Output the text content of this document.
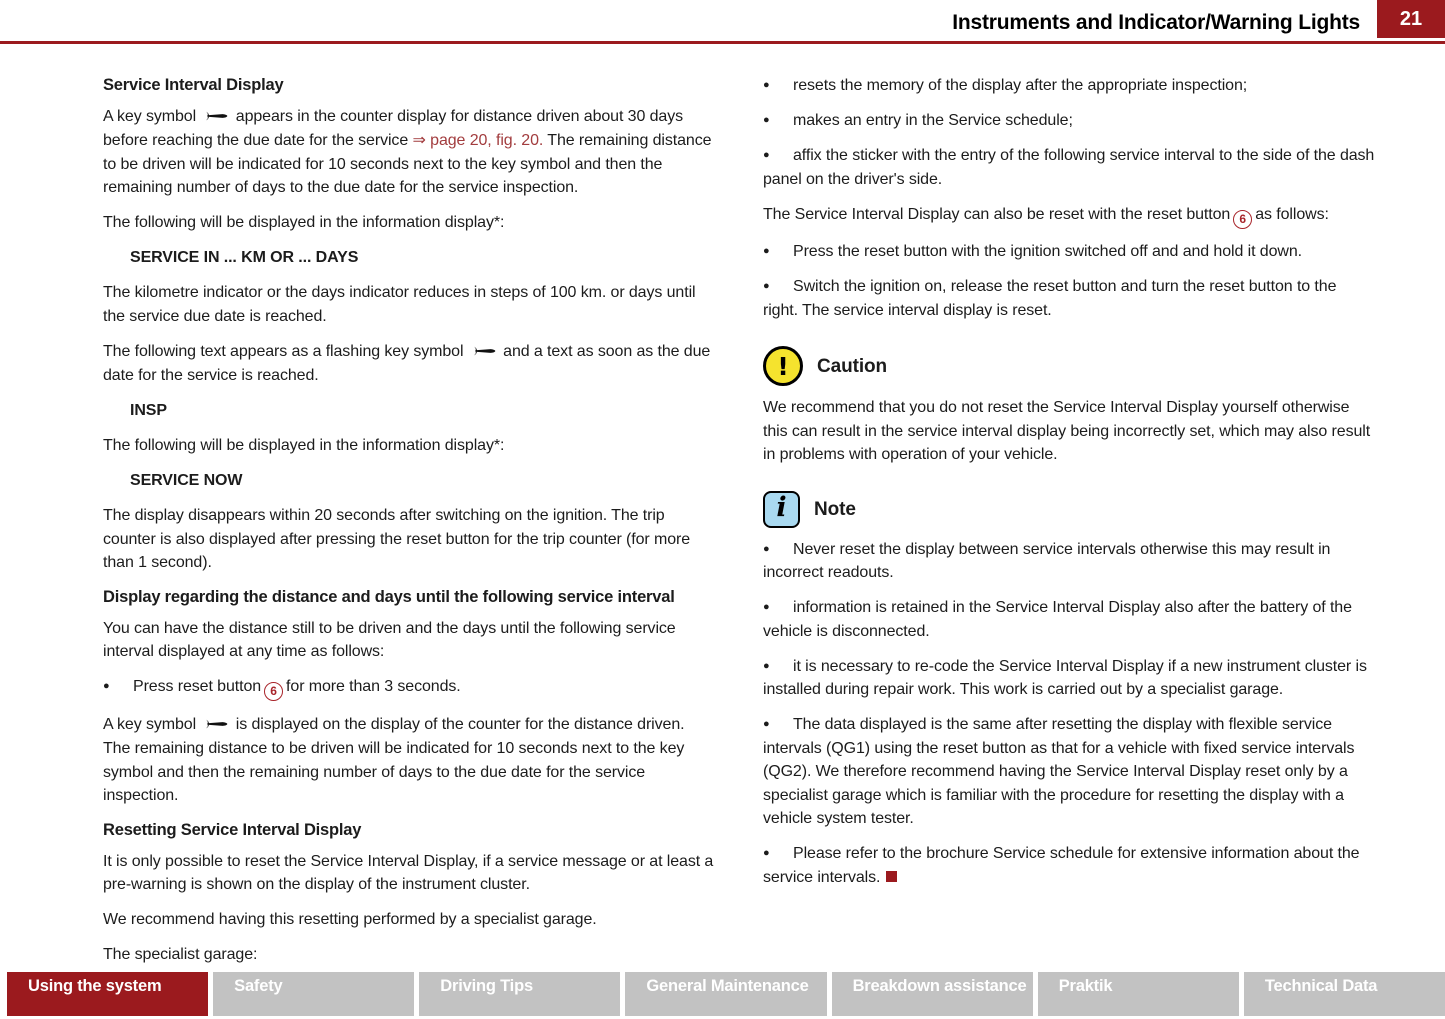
Instruments and Indicator/Warning Lights 21
Service Interval Display

A key symbol appears in the counter display for distance driven about 30 days before reaching the due date for the service ⇒ page 20, fig. 20. The remaining distance to be driven will be indicated for 10 seconds next to the key symbol and then the remaining number of days to the due date for the service inspection.

The following will be displayed in the information display*:

SERVICE IN ... KM OR ... DAYS

The kilometre indicator or the days indicator reduces in steps of 100 km. or days until the service due date is reached.

The following text appears as a flashing key symbol and a text as soon as the due date for the service is reached.

INSP

The following will be displayed in the information display*:

SERVICE NOW

The display disappears within 20 seconds after switching on the ignition. The trip counter is also displayed after pressing the reset button for the trip counter (for more than 1 second).

Display regarding the distance and days until the following service interval

You can have the distance still to be driven and the days until the following service interval displayed at any time as follows:

● Press reset button 6 for more than 3 seconds.

A key symbol is displayed on the display of the counter for the distance driven. The remaining distance to be driven will be indicated for 10 seconds next to the key symbol and then the remaining number of days to the due date for the service inspection.

Resetting Service Interval Display

It is only possible to reset the Service Interval Display, if a service message or at least a pre-warning is shown on the display of the instrument cluster.

We recommend having this resetting performed by a specialist garage.

The specialist garage:

● resets the memory of the display after the appropriate inspection;

● makes an entry in the Service schedule;

● affix the sticker with the entry of the following service interval to the side of the dash panel on the driver's side.

The Service Interval Display can also be reset with the reset button 6 as follows:

● Press the reset button with the ignition switched off and and hold it down.

● Switch the ignition on, release the reset button and turn the reset button to the right. The service interval display is reset.

!	Caution

We recommend that you do not reset the Service Interval Display yourself otherwise this can result in the service interval display being incorrectly set, which may also result in problems with operation of your vehicle.

i	Note

● Never reset the display between service intervals otherwise this may result in incorrect readouts.

● information is retained in the Service Interval Display also after the battery of the vehicle is disconnected.

● it is necessary to re-code the Service Interval Display if a new instrument cluster is installed during repair work. This work is carried out by a specialist garage.

● The data displayed is the same after resetting the display with flexible service intervals (QG1) using the reset button as that for a vehicle with fixed service intervals (QG2). We therefore recommend having the Service Interval Display reset only by a specialist garage which is familiar with the procedure for resetting the display with a vehicle system tester.

● Please refer to the brochure Service schedule for extensive information about the service intervals.

Using the system	Safety	Driving Tips	General Maintenance	Breakdown assistance	Praktik	Technical Data
